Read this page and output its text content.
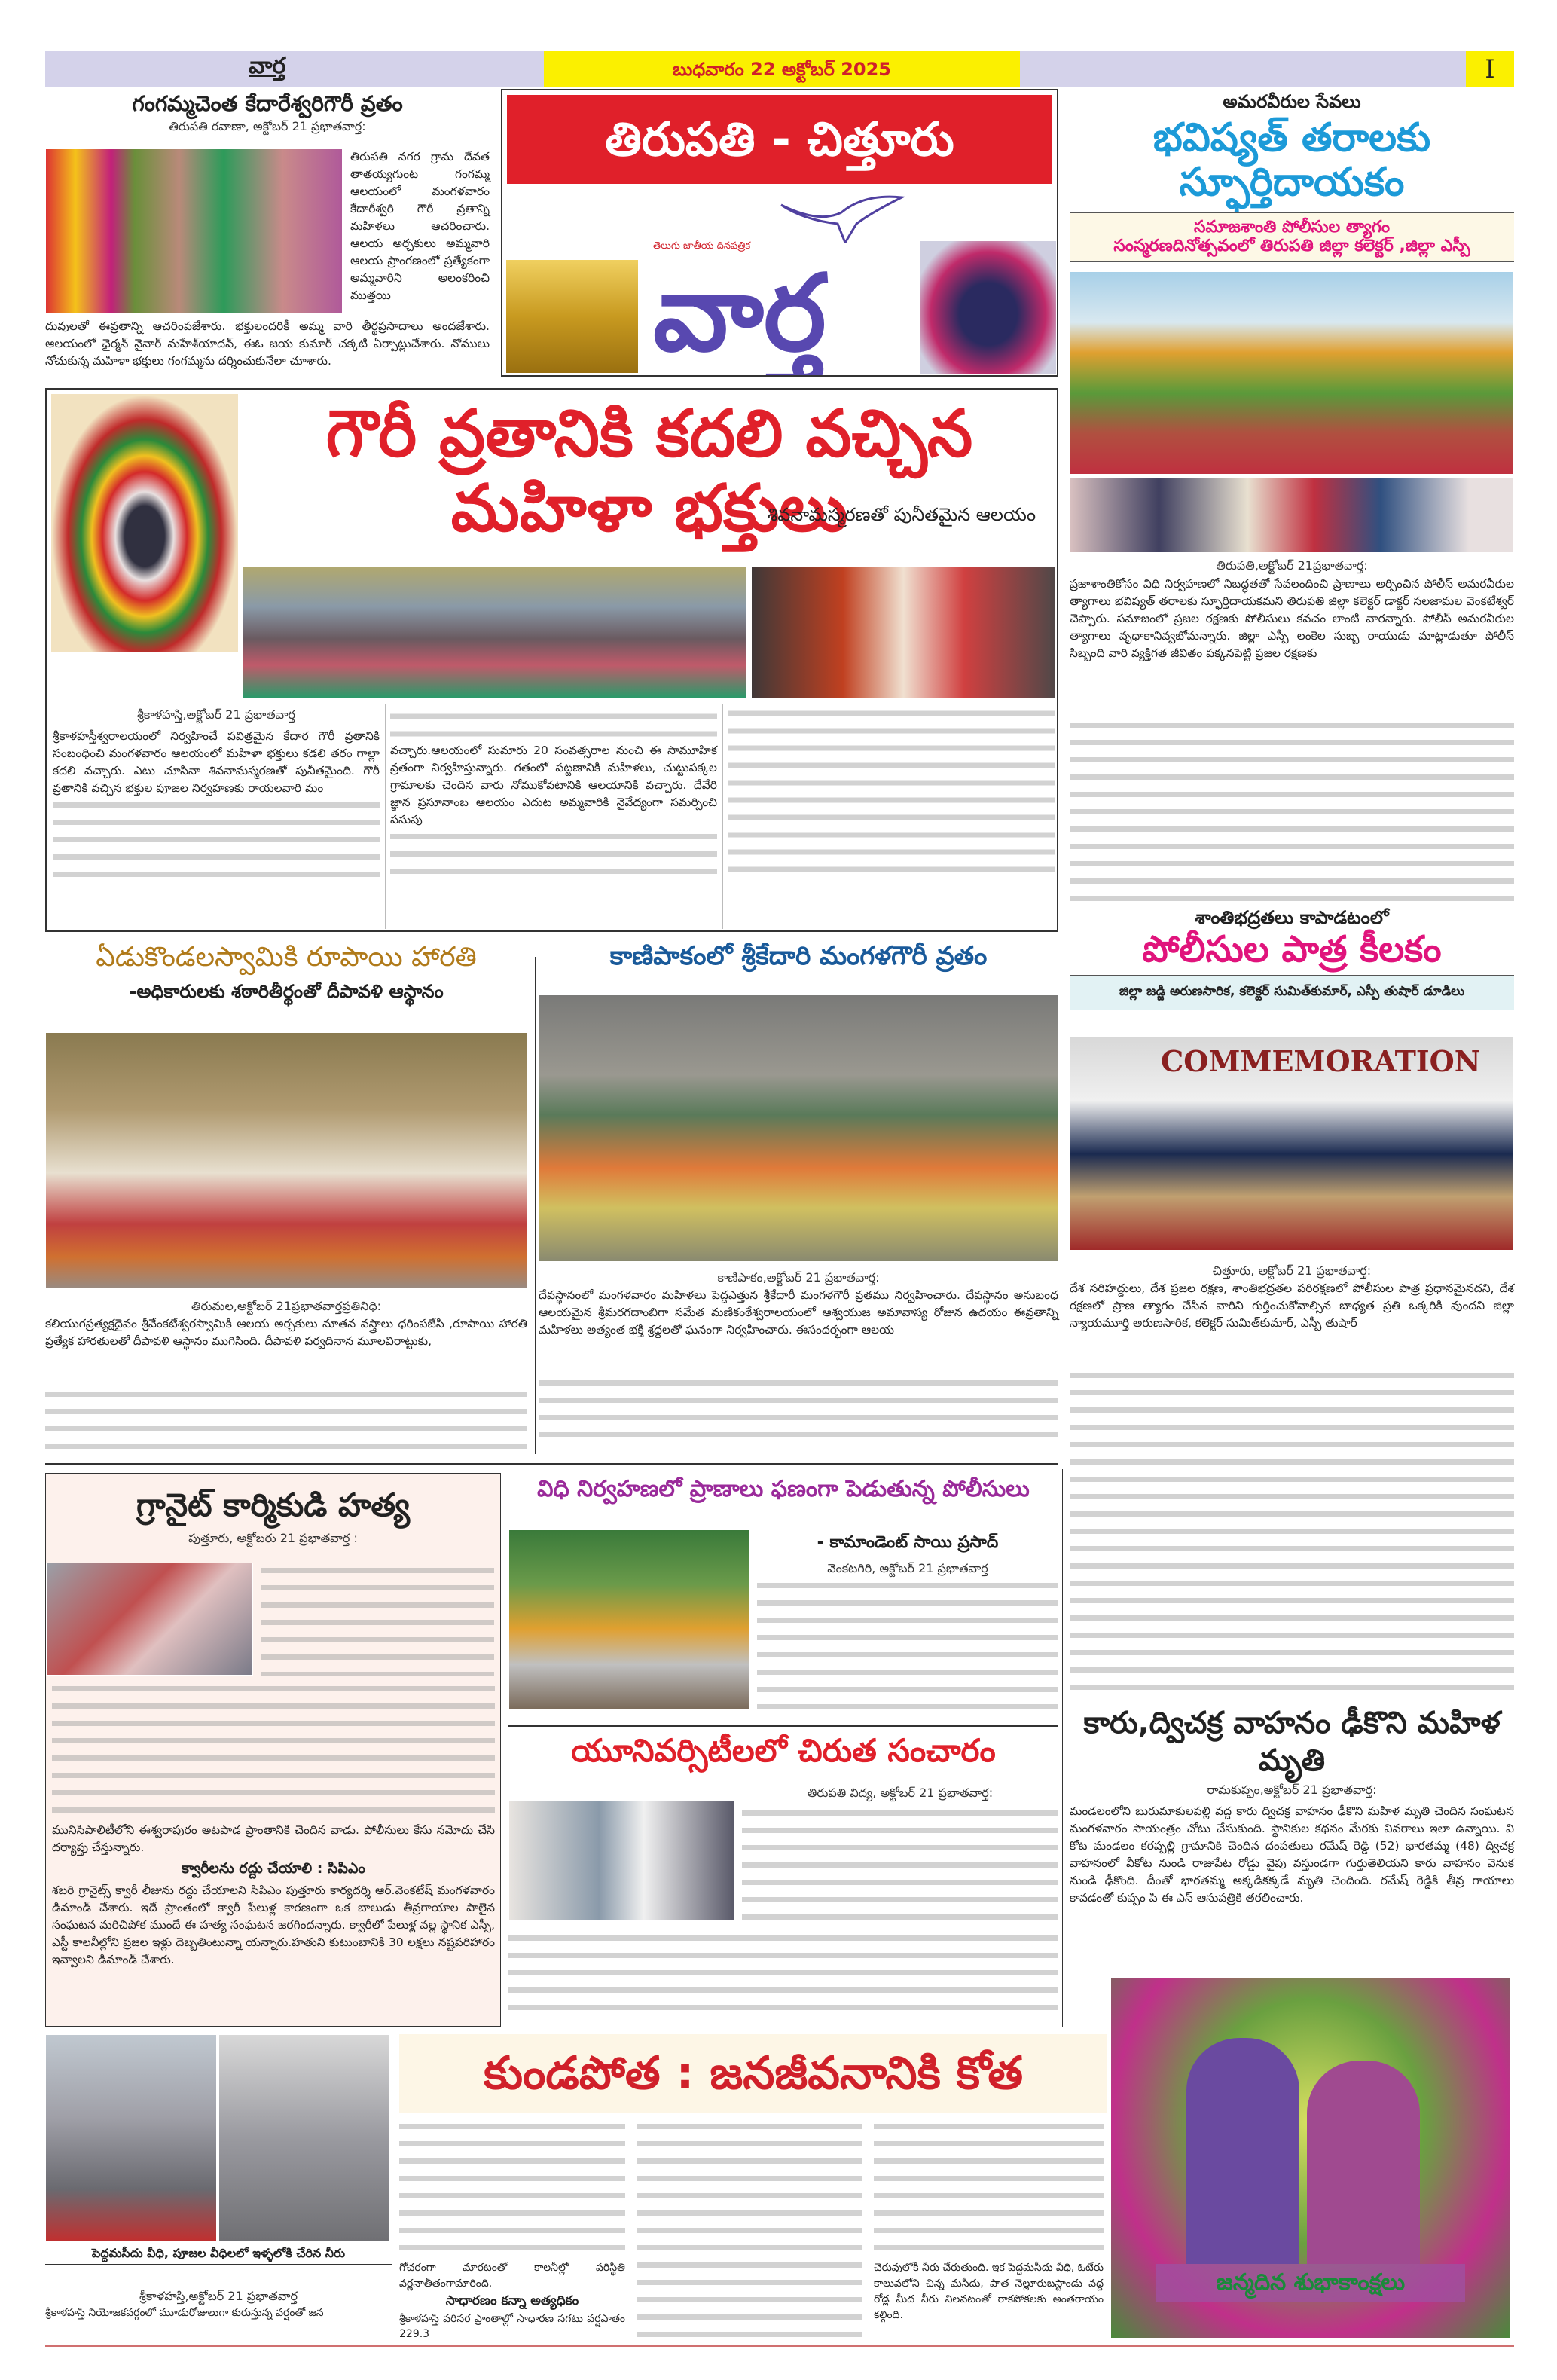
వార్త	బుధవారం 22 అక్టోబర్ 2025	I
గంగమ్మచెంత కేదారేశ్వరిగౌరీ వ్రతం
తిరుపతి రవాణా, అక్టోబర్ 21 ప్రభాతవార్త:
తిరుపతి నగర గ్రామ దేవత తాతయ్యగుంట గంగమ్మ ఆలయంలో మంగళవారం కేదారీశ్వరి గౌరీ వ్రతాన్ని మహిళలు ఆచరించారు. ఆలయ అర్చకులు అమ్మవారి ఆలయ ప్రాంగణంలో ప్రత్యేకంగా అమ్మవారిని అలంకరించి ముత్తయి
దువులతో ఈవ్రతాన్ని ఆచరింపజేశారు. భక్తులందరికీ అమ్మ వారి తీర్థప్రసాదాలు అందజేశారు. ఆలయంలో ఛైర్మన్ నైనార్ మహేశ్‌యాదవ్, ఈఓ జయ కుమార్ చక్కటి ఏర్పాట్లుచేశారు. నోములు నోచుకున్న మహిళా భక్తులు గంగమ్మను దర్శించుకునేలా చూశారు.
తిరుపతి - చిత్తూరు
తెలుగు జాతీయ దినపత్రిక
వార్త
అమరవీరుల సేవలు
భవిష్యత్ తరాలకు స్ఫూర్తిదాయకం
సమాజశాంతి పోలీసుల త్యాగం
సంస్మరణదినోత్సవంలో తిరుపతి జిల్లా కలెక్టర్ ,జిల్లా ఎస్పీ
తిరుపతి,అక్టోబర్ 21ప్రభాతవార్త:
ప్రజాశాంతికోసం విధి నిర్వహణలో నిబద్ధతతో సేవలందించి ప్రాణాలు అర్పించిన పోలీస్ అమరవీరుల త్యాగాలు భవిష్యత్ తరాలకు స్ఫూర్తిదాయకమని తిరుపతి జిల్లా కలెక్టర్ డాక్టర్ సలజామల వెంకటేశ్వర్ చెప్పారు. సమాజంలో ప్రజల రక్షణకు పోలీసులు కవచం లాంటి వారన్నారు. పోలీస్ అమరవీరుల త్యాగాలు వృధాకానివ్వబోమన్నారు. జిల్లా ఎస్పీ లంకెల సుబ్బ రాయుడు మాట్లాడుతూ పోలీస్ సిబ్బంది వారి వ్యక్తిగత జీవితం పక్కనపెట్టి ప్రజల రక్షణకు
గౌరీ వ్రతానికి కదలి వచ్చిన మహిళా భక్తులు
శివనామస్మరణతో పునీతమైన ఆలయం
శ్రీకాళహస్తి,అక్టోబర్ 21 ప్రభాతవార్త
శ్రీకాళహస్తీశ్వరాలయంలో నిర్వహించే పవిత్రమైన కేదార గౌరీ వ్రతానికి సంబంధించి మంగళవారం ఆలయంలో మహిళా భక్తులు కడలి తరం గాల్లా కదలి వచ్చారు. ఎటు చూసినా శివనామస్మరణతో పునీతమైంది. గౌరీ వ్రతానికి వచ్చిన భక్తుల పూజల నిర్వహణకు రాయలవారి మం
వచ్చారు.ఆలయంలో సుమారు 20 సంవత్సరాల నుంచి ఈ సామూహిక వ్రతంగా నిర్వహిస్తున్నారు. గతంలో పట్టణానికి మహిళలు, చుట్టుపక్కల గ్రామాలకు చెందిన వారు నోముకోవటానికి ఆలయానికి వచ్చారు. దేవేరి జ్ఞాన ప్రసూనాంబ ఆలయం ఎదుట అమ్మవారికి నైవేద్యంగా సమర్పించి పసుపు
ఏడుకొండలస్వామికి రూపాయి హారతి
-అధికారులకు శఠారితీర్థంతో దీపావళి ఆస్థానం
తిరుమల,అక్టోబర్ 21ప్రభాతవార్తప్రతినిధి:
కలియుగప్రత్యక్షదైవం శ్రీవేంకటేశ్వరస్వామికి ఆలయ అర్చకులు నూతన వస్త్రాలు ధరింపజేసి ,రూపాయి హారతి ప్రత్యేక హారతులతో దీపావళి ఆస్థానం ముగిసింది. దీపావళి పర్వదినాన మూలవిరాట్టుకు,
కాణిపాకంలో శ్రీకేదారి మంగళగౌరీ వ్రతం
కాణిపాకం,అక్టోబర్ 21 ప్రభాతవార్త:
దేవస్థానంలో మంగళవారం మహిళలు పెద్దఎత్తున శ్రీకేదారీ మంగళగౌరీ వ్రతము నిర్వహించారు. దేవస్థానం అనుబంధ ఆలయమైన శ్రీమరగదాంబిగా సమేత మణికంఠేశ్వరాలయంలో ఆశ్వయుజ అమావాస్య రోజున ఉదయం ఈవ్రతాన్ని మహిళలు అత్యంత భక్తి శ్రద్దలతో ఘనంగా నిర్వహించారు. ఈసందర్భంగా ఆలయ
శాంతిభద్రతలు కాపాడటంలో
పోలీసుల పాత్ర కీలకం
జిల్లా జడ్జి అరుణసారిక, కలెక్టర్ సుమిత్‌కుమార్, ఎస్పీ తుషార్ డూడిలు
COMMEMORATION
చిత్తూరు, అక్టోబర్ 21 ప్రభాతవార్త:
దేశ సరిహద్దులు, దేశ ప్రజల రక్షణ, శాంతిభద్రతల పరిరక్షణలో పోలీసుల పాత్ర ప్రధానమైనదని, దేశ రక్షణలో ప్రాణ త్యాగం చేసిన వారిని గుర్తించుకోవాల్సిన బాధ్యత ప్రతి ఒక్కరికి వుందని జిల్లా న్యాయమూర్తి అరుణసారిక, కలెక్టర్ సుమిత్‌కుమార్, ఎస్పీ తుషార్
గ్రానైట్ కార్మికుడి హత్య
పుత్తూరు, అక్టోబరు 21 ప్రభాతవార్త :
మునిసిపాలిటీలోని ఈశ్వరాపురం అటపాడ ప్రాంతానికి చెందిన వాడు. పోలీసులు కేసు నమోదు చేసి దర్యాప్తు చేస్తున్నారు.
క్వారీలను రద్దు చేయాలి : సిపిఎం
శబరి గ్రానైట్స్ క్వారీ లీజును రద్దు చేయాలని సిపిఎం పుత్తూరు కార్యదర్శి ఆర్.వెంకటేష్ మంగళవారం డిమాండ్ చేశారు. ఇదే ప్రాంతంలో క్వారీ పేలుళ్ల కారణంగా ఒక బాలుడు తీవ్రగాయాల పాలైన సంఘటన మరిచిపోక ముందే ఈ హత్య సంఘటన జరగిందన్నారు. క్వారీలో పేలుళ్ల వల్ల స్థానిక ఎస్సీ, ఎస్టీ కాలనీల్లోని ప్రజల ఇళ్లు దెబ్బతింటున్నా యన్నారు.హతుని కుటుంబానికి 30 లక్షలు నష్టపరిహారం ఇవ్వాలని డిమాండ్ చేశారు.
విధి నిర్వహణలో ప్రాణాలు ఫణంగా పెడుతున్న పోలీసులు
- కామాండెంట్ సాయి ప్రసాద్
వెంకటగిరి, అక్టోబర్ 21 ప్రభాతవార్త
యూనివర్సిటీలలో చిరుత సంచారం
తిరుపతి విద్య, అక్టోబర్ 21 ప్రభాతవార్త:
కారు,ద్విచక్ర వాహనం ఢీకొని మహిళ మృతి
రామకుప్పం,అక్టోబర్ 21 ప్రభాతవార్త:
మండలంలోని బురుమాకులపల్లి వద్ద కారు ద్విచక్ర వాహనం ఢీకొని మహిళ మృతి చెందిన సంఘటన మంగళవారం సాయంత్రం చోటు చేసుకుంది. స్థానికుల కథనం మేరకు వివరాలు ఇలా ఉన్నాయి. వి కోట మండలం కరప్పల్లి గ్రామానికి చెందిన దంపతులు రమేష్ రెడ్డి (52) భారతమ్మ (48) ద్విచక్ర వాహనంలో వీకోట నుండి రాజుపేట రోడ్డు వైపు వస్తుండగా గుర్తుతెలియని కారు వాహనం వెనుక నుండి ఢీకొంది. దీంతో భారతమ్మ అక్కడికక్కడే మృతి చెందింది. రమేష్ రెడ్డికి తీవ్ర గాయాలు కావడంతో కుప్పం పి ఈ ఎస్ ఆసుపత్రికి తరలించారు.
పెద్దమసీదు వీధి, పూజల వీధిలలో ఇళ్ళలోకి చేరిన నీరు
కుండపోత : జనజీవనానికి కోత
శ్రీకాళహస్తి,అక్టోబర్ 21 ప్రభాతవార్త
శ్రీకాళహస్తి నియోజకవర్గంలో మూడురోజులుగా కురుస్తున్న వర్షంతో జన
గోచరంగా మారటంతో కాలనీల్లో పరిస్థితి వర్ణనాతీతంగామారింది.
సాధారణం కన్నా అత్యధికం
శ్రీకాళహస్తి పరిసర ప్రాంతాల్లో సాధారణ సగటు వర్షపాతం 229.3
చెరువులోకి నీరు చేరుతుంది. ఇక పెద్దమసీదు వీధి, ఓటేరు కాలువలోని చిన్న మసీదు, పాత నెల్లూరుబస్టాండు వద్ద రోడ్ల మీద నీరు నిలవటంతో రాకపోకలకు అంతరాయం కల్గింది.
జన్మదిన శుభాకాంక్షలు
